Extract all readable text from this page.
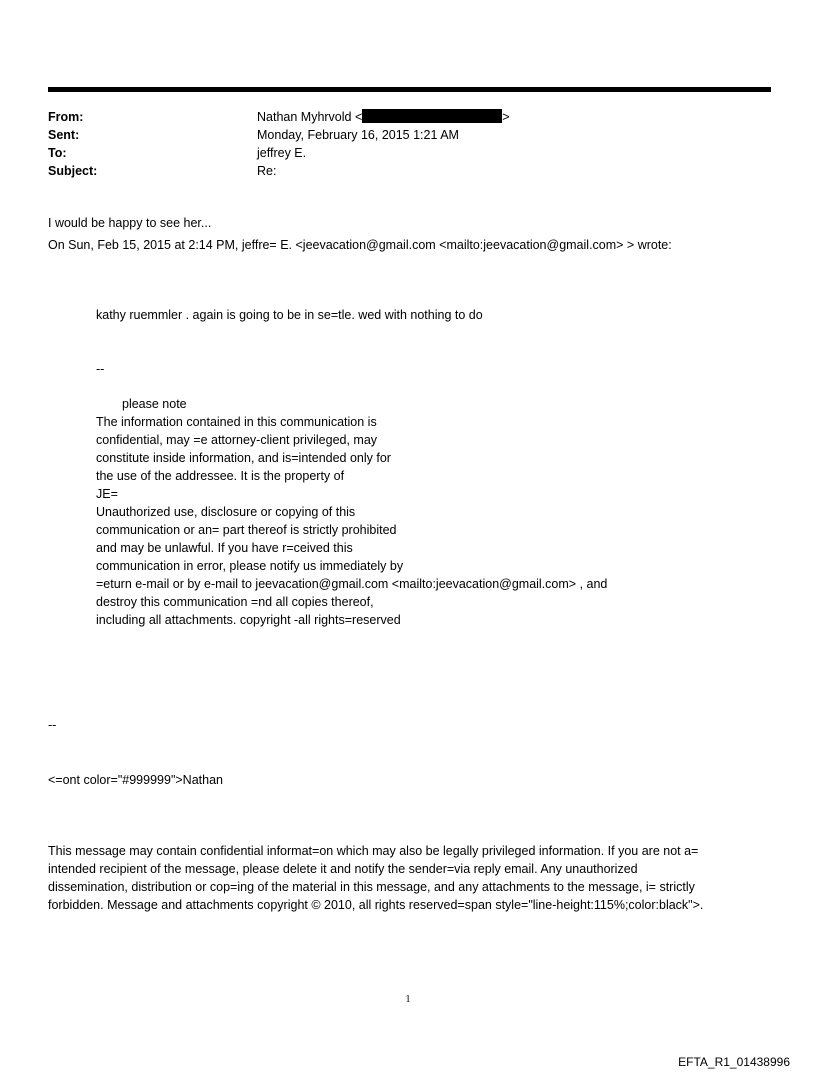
From:	Nathan Myhrvold <	>
Sent:	Monday, February 16, 2015 1:21 AM
To:	jeffrey E.
Subject:	Re:
I would be happy to see her...
On Sun, Feb 15, 2015 at 2:14 PM, jeffre= E. <jeevacation@gmail.com <mailto:jeevacation@gmail.com> > wrote:
kathy ruemmler . again is going to be in se=tle. wed with nothing to do
--
please note
The information contained in this communication is
confidential, may =e attorney-client privileged, may
constitute inside information, and is=intended only for
the use of the addressee. It is the property of
JE=
Unauthorized use, disclosure or copying of this
communication or an= part thereof is strictly prohibited
and may be unlawful. If you have r=ceived this
communication in error, please notify us immediately by
=eturn e-mail or by e-mail to jeevacation@gmail.com <mailto:jeevacation@gmail.com> , and
destroy this communication =nd all copies thereof,
including all attachments. copyright -all rights=reserved
--
<=ont color="#999999">Nathan
This message may contain confidential informat=on which may also be legally privileged information. If you are not a=
intended recipient of the message, please delete it and notify the sender=via reply email. Any unauthorized
dissemination, distribution or cop=ing of the material in this message, and any attachments to the message, i= strictly
forbidden. Message and attachments copyright © 2010, all rights reserved=span style="line-height:115%;color:black">.
1
EFTA_R1_01438996
